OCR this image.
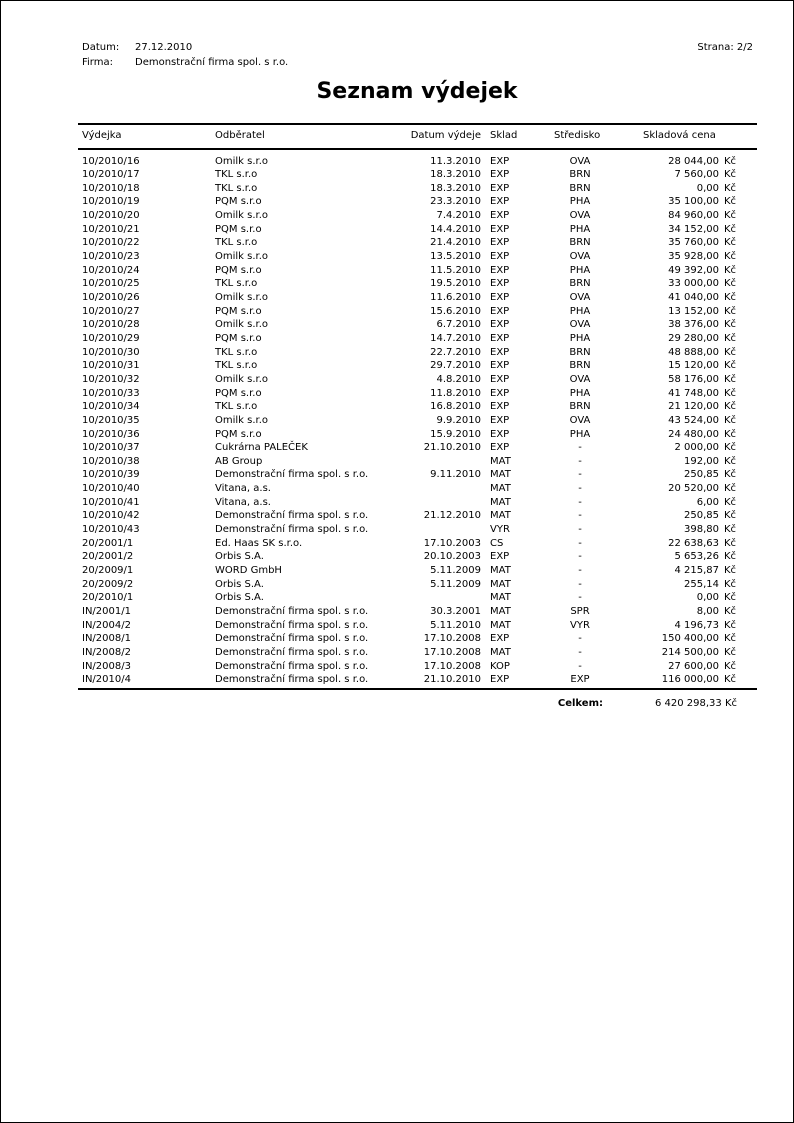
Datum: 27.12.2010
Firma: Demonstrační firma spol. s r.o.
Strana: 2/2
Seznam výdejek
Výdejka	Odběratel	Datum výdeje Sklad	Středisko	Skladová cena
10/2010/16	Omilk s.r.o	11.3.2010 EXP	OVA	28 044,00 Kč
10/2010/17	TKL s.r.o	18.3.2010 EXP	BRN	7 560,00 Kč
10/2010/18	TKL s.r.o	18.3.2010 EXP	BRN	0,00 Kč
10/2010/19	PQM s.r.o	23.3.2010 EXP	PHA	35 100,00 Kč
10/2010/20	Omilk s.r.o	7.4.2010 EXP	OVA	84 960,00 Kč
10/2010/21	PQM s.r.o	14.4.2010 EXP	PHA	34 152,00 Kč
10/2010/22	TKL s.r.o	21.4.2010 EXP	BRN	35 760,00 Kč
10/2010/23	Omilk s.r.o	13.5.2010 EXP	OVA	35 928,00 Kč
10/2010/24	PQM s.r.o	11.5.2010 EXP	PHA	49 392,00 Kč
10/2010/25	TKL s.r.o	19.5.2010 EXP	BRN	33 000,00 Kč
10/2010/26	Omilk s.r.o	11.6.2010 EXP	OVA	41 040,00 Kč
10/2010/27	PQM s.r.o	15.6.2010 EXP	PHA	13 152,00 Kč
10/2010/28	Omilk s.r.o	6.7.2010 EXP	OVA	38 376,00 Kč
10/2010/29	PQM s.r.o	14.7.2010 EXP	PHA	29 280,00 Kč
10/2010/30	TKL s.r.o	22.7.2010 EXP	BRN	48 888,00 Kč
10/2010/31	TKL s.r.o	29.7.2010 EXP	BRN	15 120,00 Kč
10/2010/32	Omilk s.r.o	4.8.2010 EXP	OVA	58 176,00 Kč
10/2010/33	PQM s.r.o	11.8.2010 EXP	PHA	41 748,00 Kč
10/2010/34	TKL s.r.o	16.8.2010 EXP	BRN	21 120,00 Kč
10/2010/35	Omilk s.r.o	9.9.2010 EXP	OVA	43 524,00 Kč
10/2010/36	PQM s.r.o	15.9.2010 EXP	PHA	24 480,00 Kč
10/2010/37	Cukrárna PALEČEK	21.10.2010 EXP	-	2 000,00 Kč
10/2010/38	AB Group	MAT	-	192,00 Kč
10/2010/39	Demonstrační firma spol. s r.o.	9.11.2010 MAT	-	250,85 Kč
10/2010/40	Vitana, a.s.	MAT	-	20 520,00 Kč
10/2010/41	Vitana, a.s.	MAT	-	6,00 Kč
10/2010/42	Demonstrační firma spol. s r.o.	21.12.2010 MAT	-	250,85 Kč
10/2010/43	Demonstrační firma spol. s r.o.	VYR	-	398,80 Kč
20/2001/1	Ed. Haas SK s.r.o.	17.10.2003 CS	-	22 638,63 Kč
20/2001/2	Orbis S.A.	20.10.2003 EXP	-	5 653,26 Kč
20/2009/1	WORD GmbH	5.11.2009 MAT	-	4 215,87 Kč
20/2009/2	Orbis S.A.	5.11.2009 MAT	-	255,14 Kč
20/2010/1	Orbis S.A.	MAT	-	0,00 Kč
IN/2001/1	Demonstrační firma spol. s r.o.	30.3.2001 MAT	SPR	8,00 Kč
IN/2004/2	Demonstrační firma spol. s r.o.	5.11.2010 MAT	VYR	4 196,73 Kč
IN/2008/1	Demonstrační firma spol. s r.o.	17.10.2008 EXP	-	150 400,00 Kč
IN/2008/2	Demonstrační firma spol. s r.o.	17.10.2008 MAT	-	214 500,00 Kč
IN/2008/3	Demonstrační firma spol. s r.o.	17.10.2008 KOP	-	27 600,00 Kč
IN/2010/4	Demonstrační firma spol. s r.o.	21.10.2010 EXP	EXP	116 000,00 Kč
Celkem:	6 420 298,33 Kč
